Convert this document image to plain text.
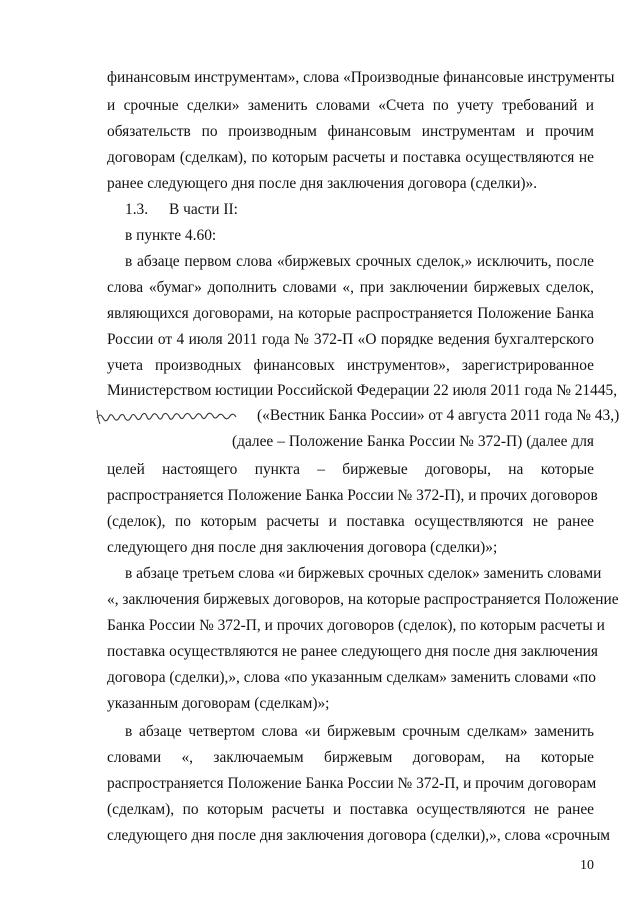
финансовым инструментам», слова «Производные финансовые инструменты
и срочные сделки» заменить словами «Счета по учету требований и
обязательств по производным финансовым инструментам и прочим
договорам (сделкам), по которым расчеты и поставка осуществляются не
ранее следующего дня после дня заключения договора (сделки)».
1.3. В части II:
в пункте 4.60:
в абзаце первом слова «биржевых срочных сделок,» исключить, после
слова «бумаг» дополнить словами «, при заключении биржевых сделок,
являющихся договорами, на которые распространяется Положение Банка
России от 4 июля 2011 года № 372-П «О порядке ведения бухгалтерского
учета производных финансовых инструментов», зарегистрированное
Министерством юстиции Российской Федерации 22 июля 2011 года № 21445,
(«Вестник Банка России» от 4 августа 2011 года № 43,)
(далее – Положение Банка России № 372-П) (далее для
целей настоящего пункта – биржевые договоры, на которые
распространяется Положение Банка России № 372-П), и прочих договоров
(сделок), по которым расчеты и поставка осуществляются не ранее
следующего дня после дня заключения договора (сделки)»;
в абзаце третьем слова «и биржевых срочных сделок» заменить словами
«, заключения биржевых договоров, на которые распространяется Положение
Банка России № 372-П, и прочих договоров (сделок), по которым расчеты и
поставка осуществляются не ранее следующего дня после дня заключения
договора (сделки),», слова «по указанным сделкам» заменить словами «по
указанным договорам (сделкам)»;
в абзаце четвертом слова «и биржевым срочным сделкам» заменить
словами «, заключаемым биржевым договорам, на которые
распространяется Положение Банка России № 372-П, и прочим договорам
(сделкам), по которым расчеты и поставка осуществляются не ранее
следующего дня после дня заключения договора (сделки),», слова «срочным
10
